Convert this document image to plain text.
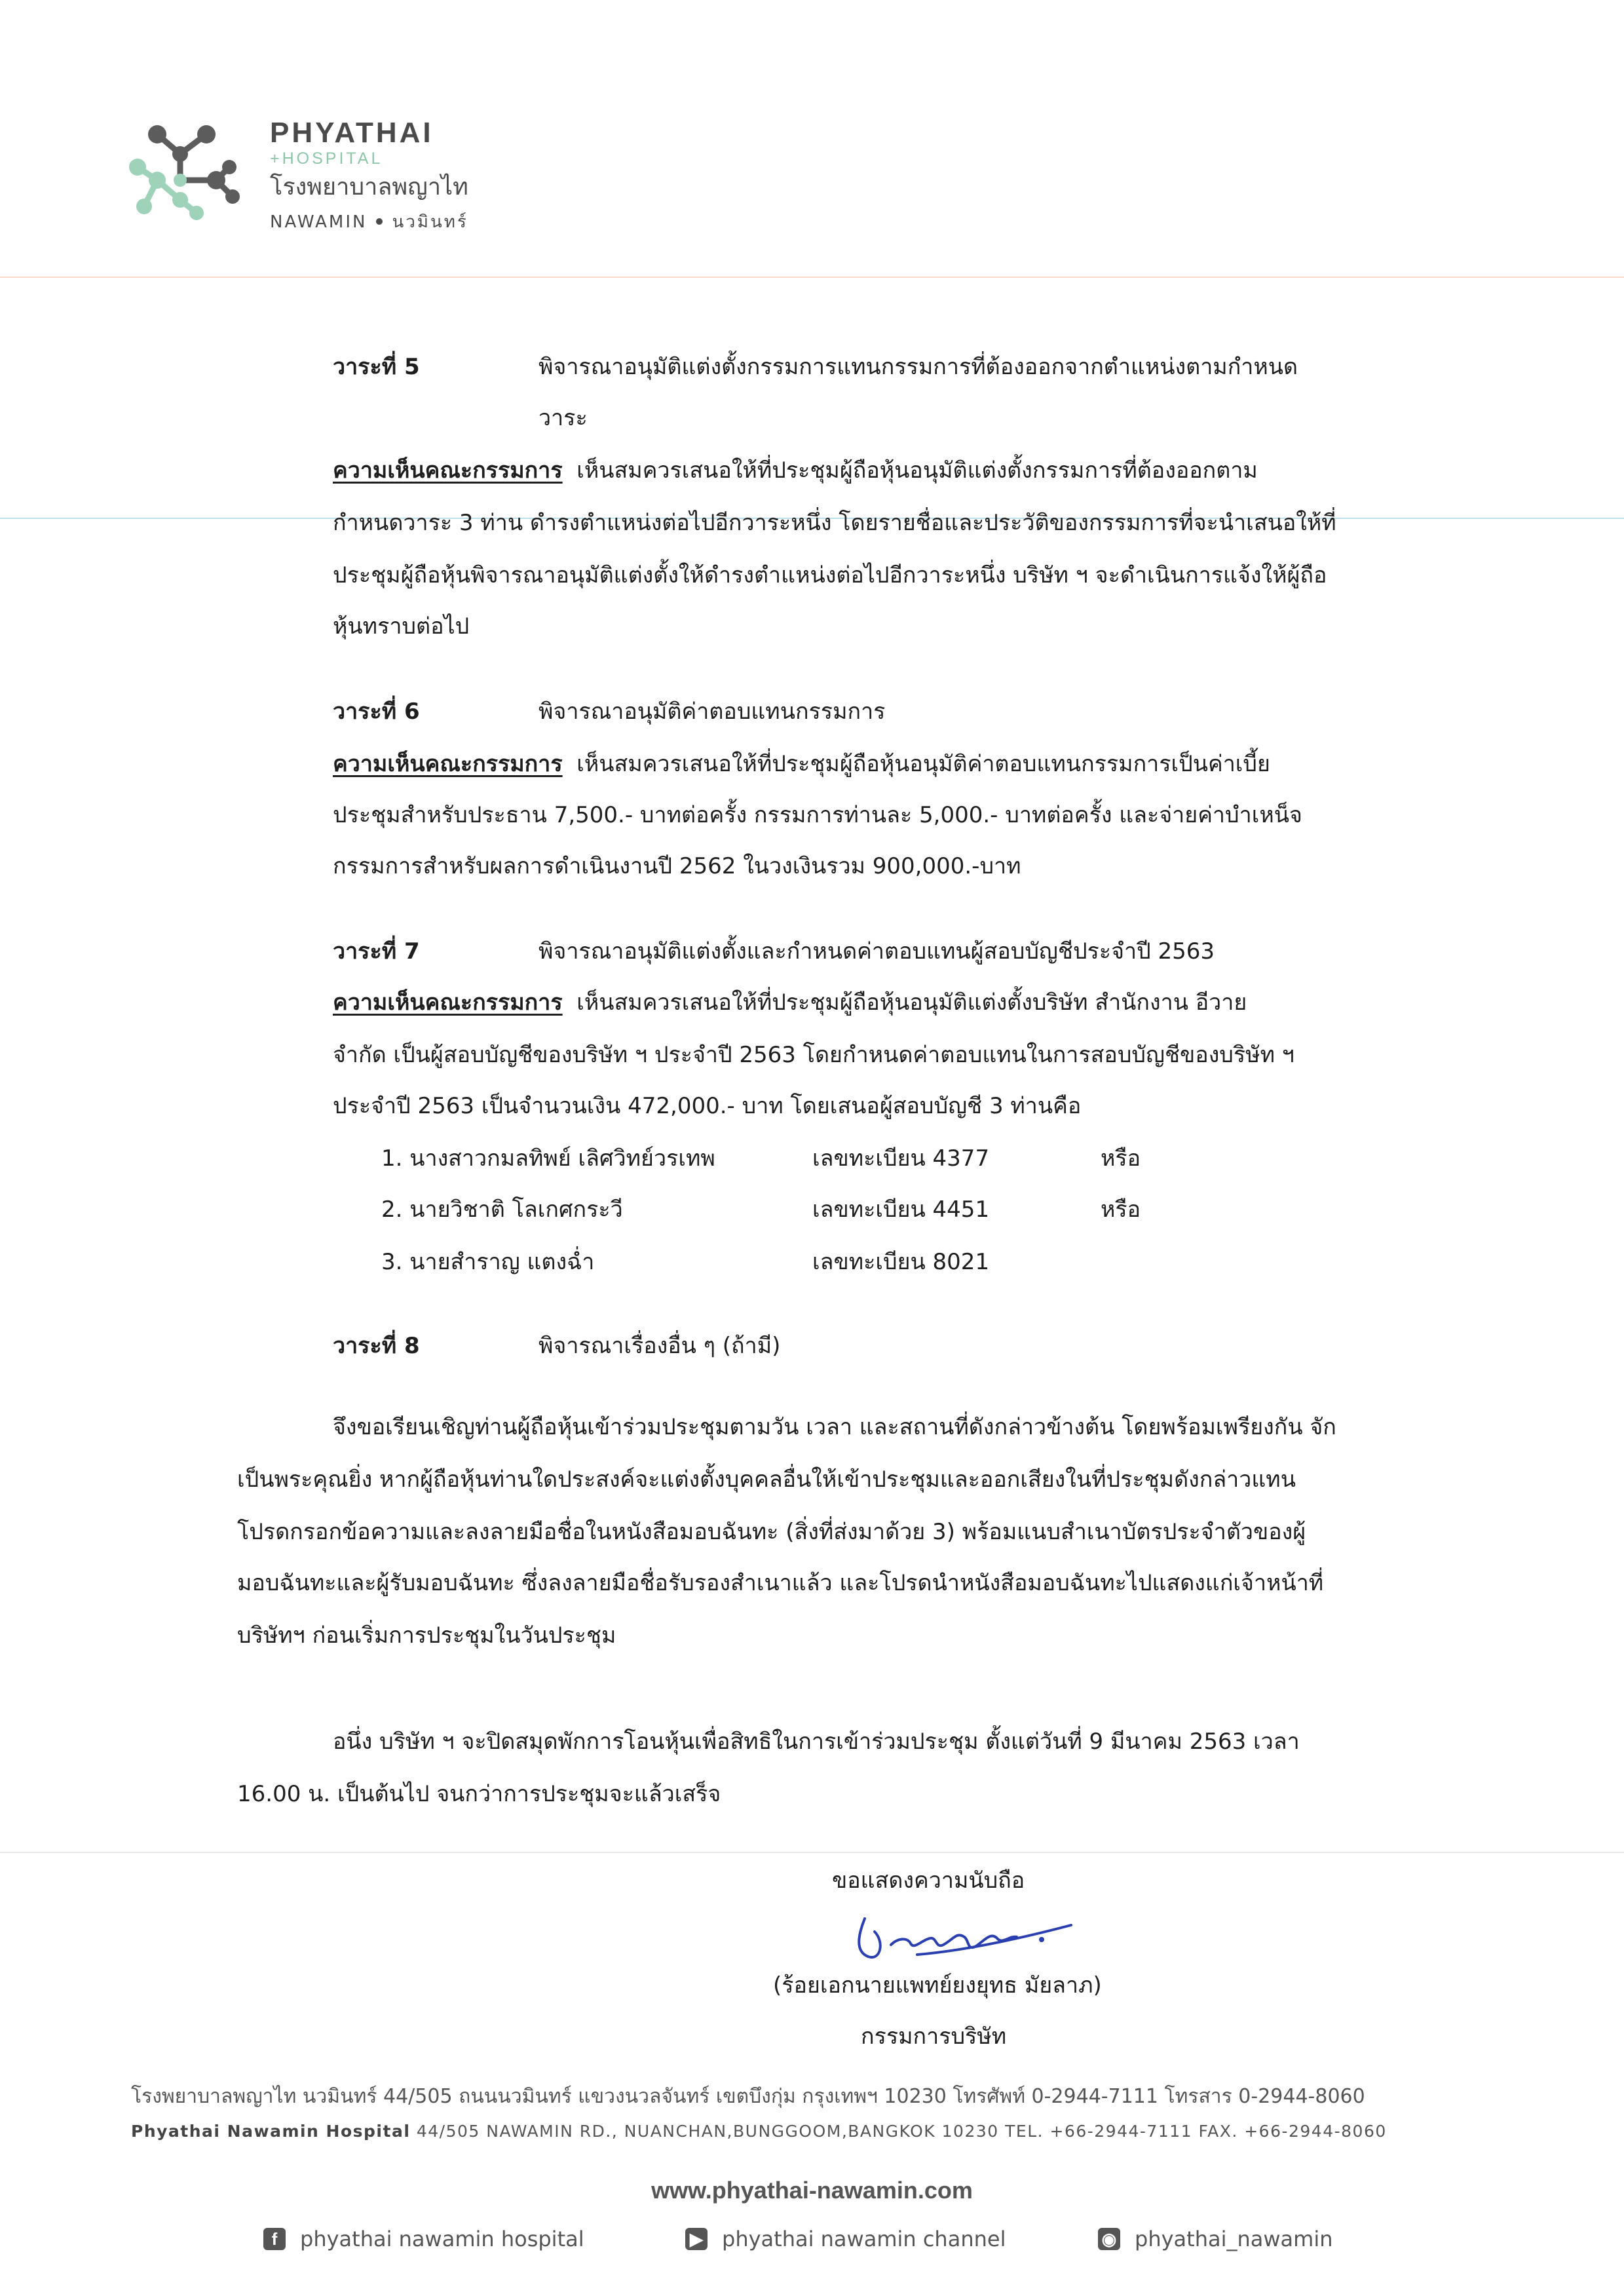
PHYATHAI
+HOSPITAL
โรงพยาบาลพญาไท
NAWAMIN นวมินทร์
วาระที่ 5	พิจารณาอนุมัติแต่งตั้งกรรมการแทนกรรมการที่ต้องออกจากตำแหน่งตามกำหนด
วาระ
ความเห็นคณะกรรมการ เห็นสมควรเสนอให้ที่ประชุมผู้ถือหุ้นอนุมัติแต่งตั้งกรรมการที่ต้องออกตาม
กำหนดวาระ 3 ท่าน ดำรงตำแหน่งต่อไปอีกวาระหนึ่ง โดยรายชื่อและประวัติของกรรมการที่จะนำเสนอให้ที่
ประชุมผู้ถือหุ้นพิจารณาอนุมัติแต่งตั้งให้ดำรงตำแหน่งต่อไปอีกวาระหนึ่ง บริษัท ฯ จะดำเนินการแจ้งให้ผู้ถือ
หุ้นทราบต่อไป
วาระที่ 6	พิจารณาอนุมัติค่าตอบแทนกรรมการ
ความเห็นคณะกรรมการ เห็นสมควรเสนอให้ที่ประชุมผู้ถือหุ้นอนุมัติค่าตอบแทนกรรมการเป็นค่าเบี้ย
ประชุมสำหรับประธาน 7,500.- บาทต่อครั้ง กรรมการท่านละ 5,000.- บาทต่อครั้ง และจ่ายค่าบำเหน็จ
กรรมการสำหรับผลการดำเนินงานปี 2562 ในวงเงินรวม 900,000.-บาท
วาระที่ 7	พิจารณาอนุมัติแต่งตั้งและกำหนดค่าตอบแทนผู้สอบบัญชีประจำปี 2563
ความเห็นคณะกรรมการ เห็นสมควรเสนอให้ที่ประชุมผู้ถือหุ้นอนุมัติแต่งตั้งบริษัท สำนักงาน อีวาย
จำกัด เป็นผู้สอบบัญชีของบริษัท ฯ ประจำปี 2563 โดยกำหนดค่าตอบแทนในการสอบบัญชีของบริษัท ฯ
ประจำปี 2563 เป็นจำนวนเงิน 472,000.- บาท โดยเสนอผู้สอบบัญชี 3 ท่านคือ
1. นางสาวกมลทิพย์ เลิศวิทย์วรเทพ	เลขทะเบียน 4377	หรือ
2. นายวิชาติ โลเกศกระวี	เลขทะเบียน 4451	หรือ
3. นายสำราญ แตงฉ่ำ	เลขทะเบียน 8021
วาระที่ 8	พิจารณาเรื่องอื่น ๆ (ถ้ามี)
จึงขอเรียนเชิญท่านผู้ถือหุ้นเข้าร่วมประชุมตามวัน เวลา และสถานที่ดังกล่าวข้างต้น โดยพร้อมเพรียงกัน จัก
เป็นพระคุณยิ่ง หากผู้ถือหุ้นท่านใดประสงค์จะแต่งตั้งบุคคลอื่นให้เข้าประชุมและออกเสียงในที่ประชุมดังกล่าวแทน
โปรดกรอกข้อความและลงลายมือชื่อในหนังสือมอบฉันทะ (สิ่งที่ส่งมาด้วย 3) พร้อมแนบสำเนาบัตรประจำตัวของผู้
มอบฉันทะและผู้รับมอบฉันทะ ซึ่งลงลายมือชื่อรับรองสำเนาแล้ว และโปรดนำหนังสือมอบฉันทะไปแสดงแก่เจ้าหน้าที่
บริษัทฯ ก่อนเริ่มการประชุมในวันประชุม
อนึ่ง บริษัท ฯ จะปิดสมุดพักการโอนหุ้นเพื่อสิทธิในการเข้าร่วมประชุม ตั้งแต่วันที่ 9 มีนาคม 2563 เวลา
16.00 น. เป็นต้นไป จนกว่าการประชุมจะแล้วเสร็จ
ขอแสดงความนับถือ
(ร้อยเอกนายแพทย์ยงยุทธ มัยลาภ)
กรรมการบริษัท
โรงพยาบาลพญาไท นวมินทร์ 44/505 ถนนนวมินทร์ แขวงนวลจันทร์ เขตบึงกุ่ม กรุงเทพฯ 10230 โทรศัพท์ 0-2944-7111 โทรสาร 0-2944-8060
Phyathai Nawamin Hospital 44/505 NAWAMIN RD., NUANCHAN,BUNGGOOM,BANGKOK 10230 TEL. +66-2944-7111 FAX. +66-2944-8060
www.phyathai-nawamin.com
f	phyathai nawamin hospital	▶ phyathai nawamin channel	◉ phyathai_nawamin
